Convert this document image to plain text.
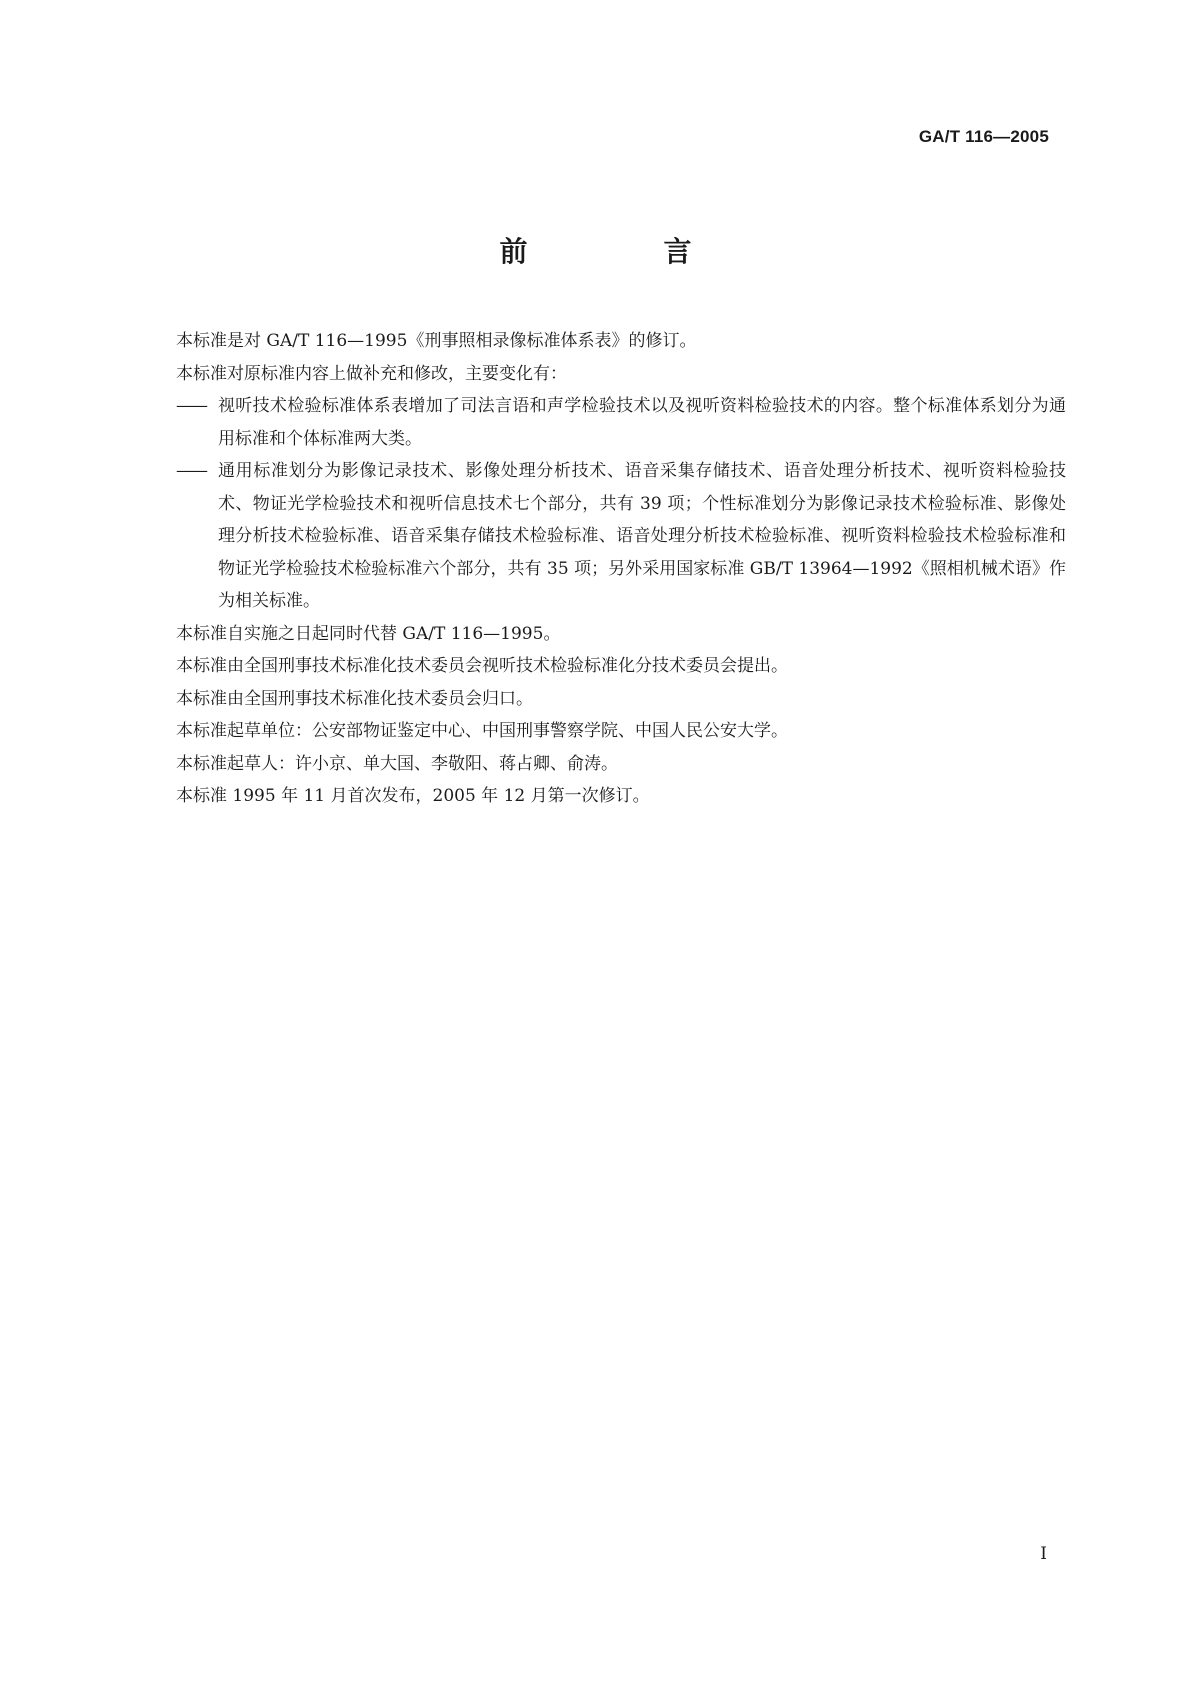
GA/T 116—2005
前　言

本标准是对 GA/T 116—1995《刑事照相录像标准体系表》的修订。

本标准对原标准内容上做补充和修改，主要变化有：

—— 视听技术检验标准体系表增加了司法言语和声学检验技术以及视听资料检验技术的内容。整个标准体系划分为通用标准和个体标准两大类。
—— 通用标准划分为影像记录技术、影像处理分析技术、语音采集存储技术、语音处理分析技术、视听资料检验技术、物证光学检验技术和视听信息技术七个部分，共有 39 项；个性标准划分为影像记录技术检验标准、影像处理分析技术检验标准、语音采集存储技术检验标准、语音处理分析技术检验标准、视听资料检验技术检验标准和物证光学检验技术检验标准六个部分，共有 35 项；另外采用国家标准 GB/T 13964—1992《照相机械术语》作为相关标准。

本标准自实施之日起同时代替 GA/T 116—1995。

本标准由全国刑事技术标准化技术委员会视听技术检验标准化分技术委员会提出。

本标准由全国刑事技术标准化技术委员会归口。

本标准起草单位：公安部物证鉴定中心、中国刑事警察学院、中国人民公安大学。

本标准起草人：许小京、单大国、李敬阳、蒋占卿、俞涛。

本标准 1995 年 11 月首次发布，2005 年 12 月第一次修订。

I
